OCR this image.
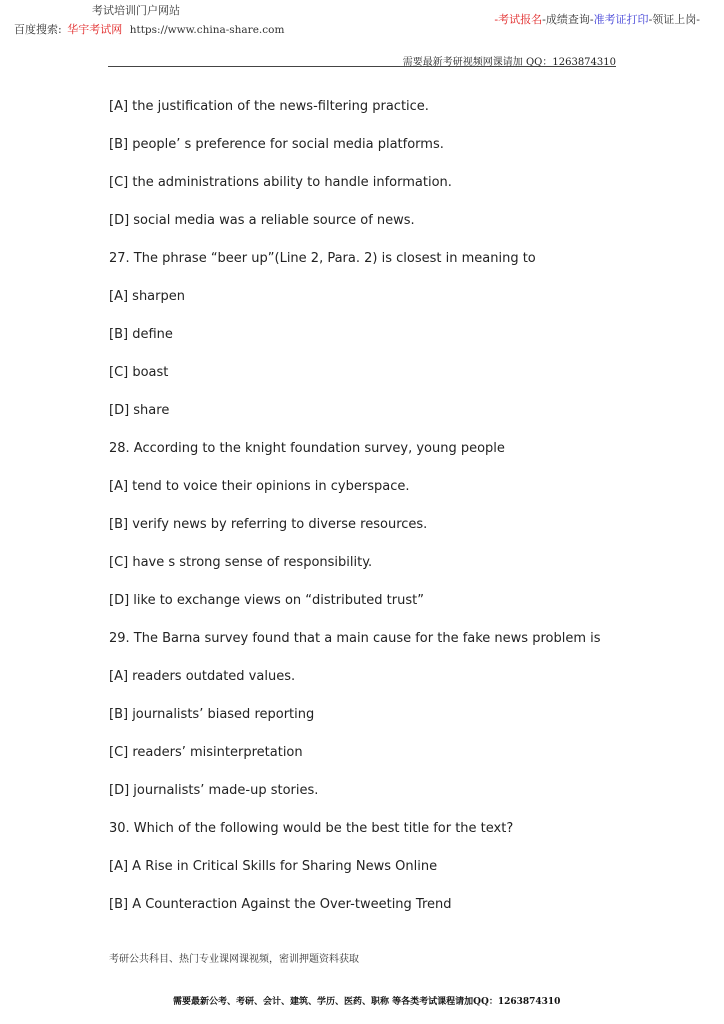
考试培训门户网站
百度搜索: 华宇考试网 https://www.china-share.com
-考试报名-成绩查询-准考证打印-领证上岗-
需要最新考研视频网课请加 QQ：1263874310
[A] the justification of the news-filtering practice.
[B] people’ s preference for social media platforms.
[C] the administrations ability to handle information.
[D] social media was a reliable source of news.
27. The phrase “beer up”(Line 2, Para. 2) is closest in meaning to
[A] sharpen
[B] define
[C] boast
[D] share
28. According to the knight foundation survey, young people
[A] tend to voice their opinions in cyberspace.
[B] verify news by referring to diverse resources.
[C] have s strong sense of responsibility.
[D] like to exchange views on “distributed trust”
29. The Barna survey found that a main cause for the fake news problem is
[A] readers outdated values.
[B] journalists’ biased reporting
[C] readers’ misinterpretation
[D] journalists’ made-up stories.
30. Which of the following would be the best title for the text?
[A] A Rise in Critical Skills for Sharing News Online
[B] A Counteraction Against the Over-tweeting Trend
考研公共科目、热门专业课网课视频，密训押题资料获取
需要最新公考、考研、会计、建筑、学历、医药、职称 等各类考试课程请加QQ：1263874310
